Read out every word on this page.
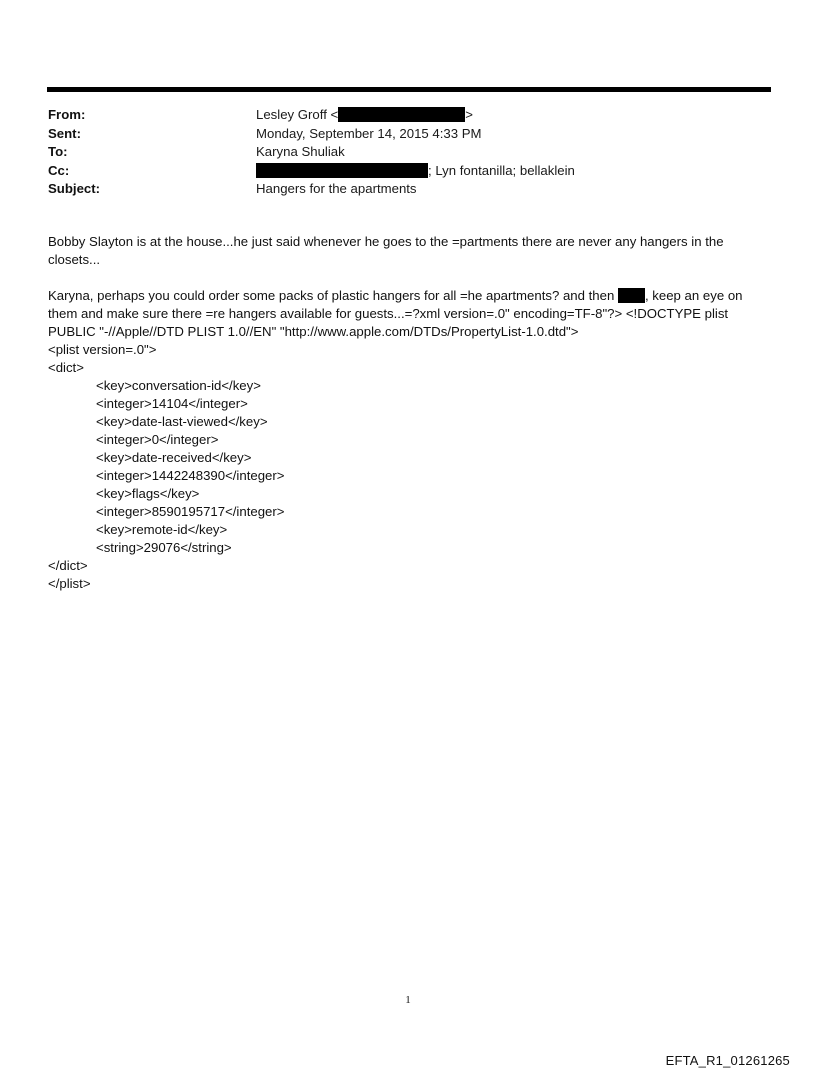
From:	Lesley Groff <	>
Sent:	Monday, September 14, 2015 4:33 PM
To:	Karyna Shuliak
Cc:	; Lyn fontanilla; bellaklein
Subject:	Hangers for the apartments

Bobby Slayton is at the house...he just said whenever he goes to the =partments there are never any hangers in the closets...

Karyna, perhaps you could order some packs of plastic hangers for all =he apartments? and then , keep an eye on them and make sure there =re hangers available for guests...=?xml version=.0" encoding=TF-8"?> <!DOCTYPE plist PUBLIC "-//Apple//DTD PLIST 1.0//EN" "http://www.apple.com/DTDs/PropertyList-1.0.dtd">
<plist version=.0">
<dict>
<key>conversation-id</key>
<integer>14104</integer>
<key>date-last-viewed</key>
<integer>0</integer>
<key>date-received</key>
<integer>1442248390</integer>
<key>flags</key>
<integer>8590195717</integer>
<key>remote-id</key>
<string>29076</string>
</dict>
</plist>
1
EFTA_R1_01261265
